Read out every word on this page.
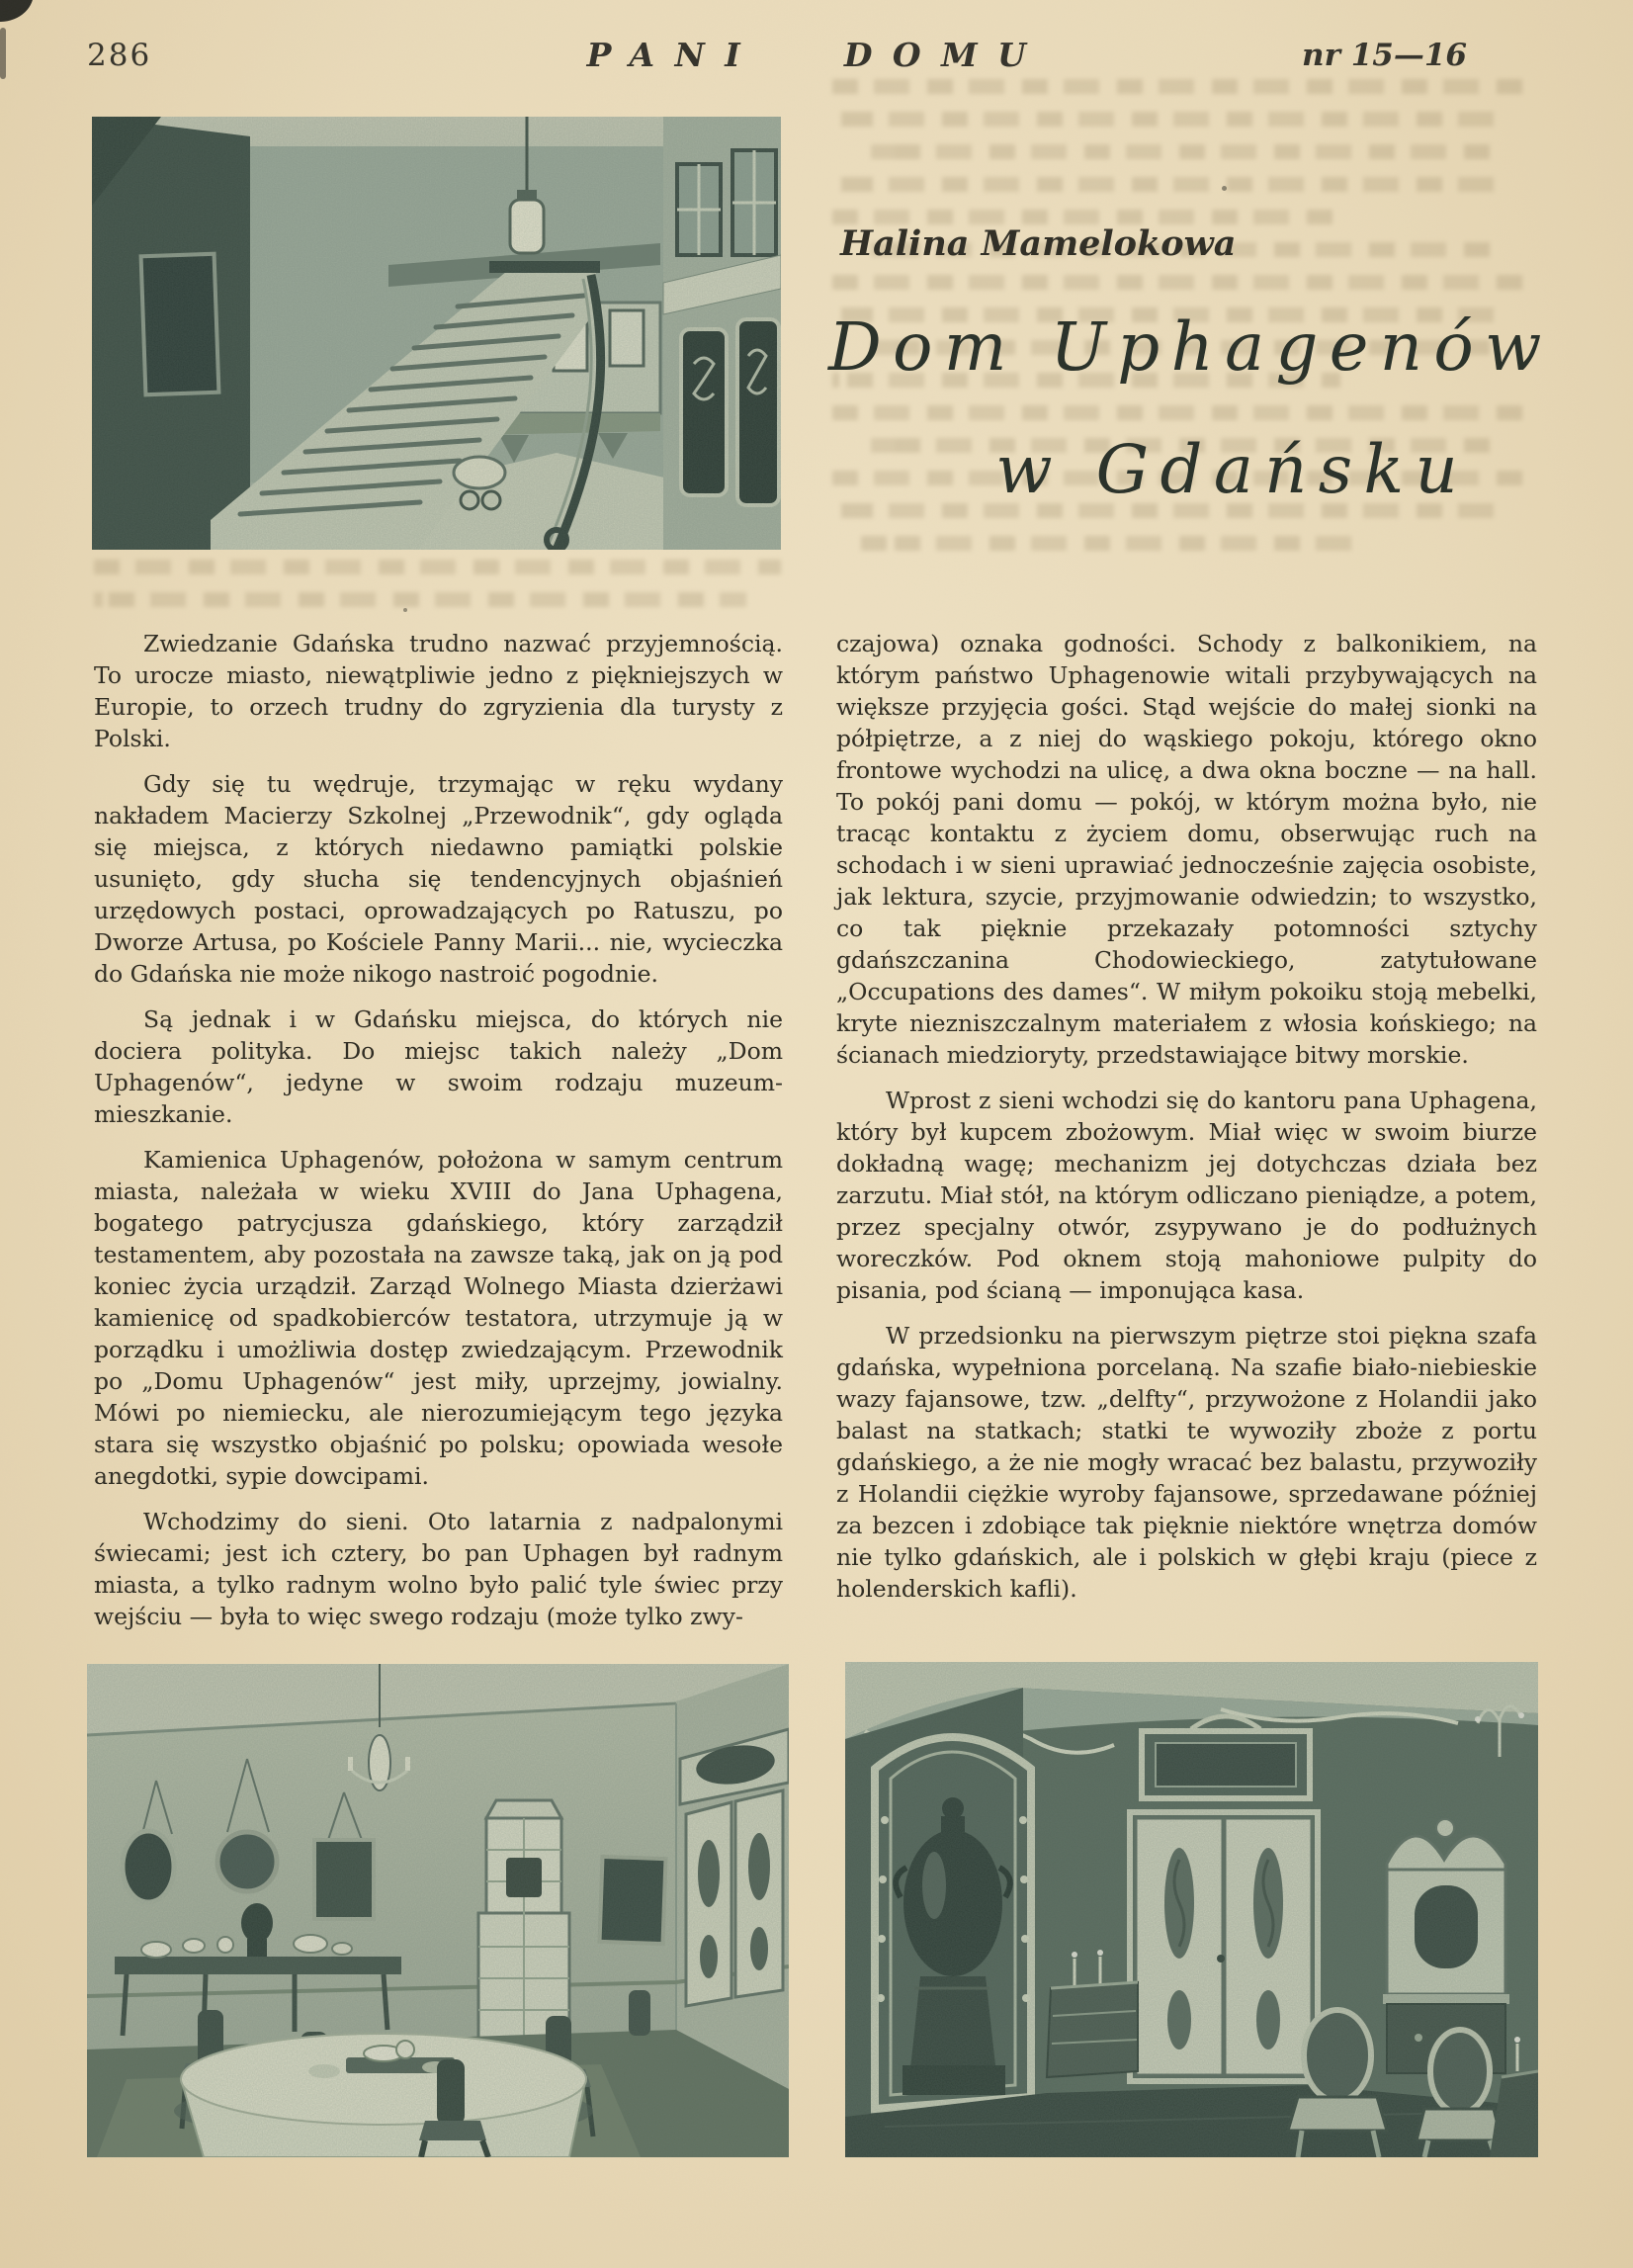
286	PANI DOMU	nr 15—16
Halina Mamelokowa
Dom Uphagenów
w Gdańsku

Zwiedzanie Gdańska trudno nazwać przyjemnością. To urocze miasto, niewątpliwie jedno z piękniejszych w Europie, to orzech trudny do zgryzienia dla turysty z Polski.

Gdy się tu wędruje, trzymając w ręku wydany nakładem Macierzy Szkolnej „Przewodnik“, gdy ogląda się miejsca, z których niedawno pamiątki polskie usunięto, gdy słucha się tendencyjnych objaśnień urzędowych postaci, oprowadzających po Ratuszu, po Dworze Artusa, po Kościele Panny Marii... nie, wycieczka do Gdańska nie może nikogo nastroić pogodnie.

Są jednak i w Gdańsku miejsca, do których nie dociera polityka. Do miejsc takich należy „Dom Uphagenów“, jedyne w swoim rodzaju muzeum-mieszkanie.

Kamienica Uphagenów, położona w samym centrum miasta, należała w wieku XVIII do Jana Uphagena, bogatego patrycjusza gdańskiego, który zarządził testamentem, aby pozostała na zawsze taką, jak on ją pod koniec życia urządził. Zarząd Wolnego Miasta dzierżawi kamienicę od spadkobierców testatora, utrzymuje ją w porządku i umożliwia dostęp zwiedzającym. Przewodnik po „Domu Uphagenów“ jest miły, uprzejmy, jowialny. Mówi po niemiecku, ale nierozumiejącym tego języka stara się wszystko objaśnić po polsku; opowiada wesołe anegdotki, sypie dowcipami.

Wchodzimy do sieni. Oto latarnia z nadpalonymi świecami; jest ich cztery, bo pan Uphagen był radnym miasta, a tylko radnym wolno było palić tyle świec przy wejściu — była to więc swego rodzaju (może tylko zwy-

czajowa) oznaka godności. Schody z balkonikiem, na którym państwo Uphagenowie witali przybywających na większe przyjęcia gości. Stąd wejście do małej sionki na półpiętrze, a z niej do wąskiego pokoju, którego okno frontowe wychodzi na ulicę, a dwa okna boczne — na hall. To pokój pani domu — pokój, w którym można było, nie tracąc kontaktu z życiem domu, obserwując ruch na schodach i w sieni uprawiać jednocześnie zajęcia osobiste, jak lektura, szycie, przyjmowanie odwiedzin; to wszystko, co tak pięknie przekazały potomności sztychy gdańszczanina Chodowieckiego, zatytułowane „Occupations des dames“. W miłym pokoiku stoją mebelki, kryte niezniszczalnym materiałem z włosia końskiego; na ścianach miedzioryty, przedstawiające bitwy morskie.

Wprost z sieni wchodzi się do kantoru pana Uphagena, który był kupcem zbożowym. Miał więc w swoim biurze dokładną wagę; mechanizm jej dotychczas działa bez zarzutu. Miał stół, na którym odliczano pieniądze, a potem, przez specjalny otwór, zsypywano je do podłużnych woreczków. Pod oknem stoją mahoniowe pulpity do pisania, pod ścianą — imponująca kasa.

W przedsionku na pierwszym piętrze stoi piękna szafa gdańska, wypełniona porcelaną. Na szafie biało-niebieskie wazy fajansowe, tzw. „delfty“, przywożone z Holandii jako balast na statkach; statki te wywoziły zboże z portu gdańskiego, a że nie mogły wracać bez balastu, przywoziły z Holandii ciężkie wyroby fajansowe, sprzedawane później za bezcen i zdobiące tak pięknie niektóre wnętrza domów nie tylko gdańskich, ale i polskich w głębi kraju (piece z holenderskich kafli).
